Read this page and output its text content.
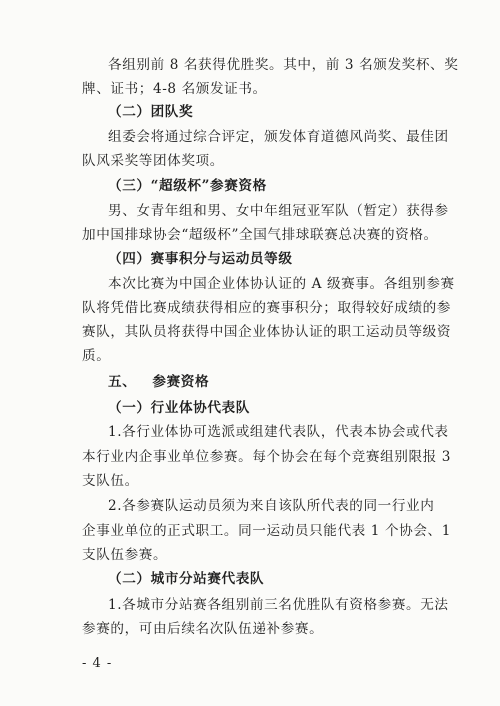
各组别前 8 名获得优胜奖。其中，前 3 名颁发奖杯、奖
牌、证书；4-8 名颁发证书。
（二）团队奖
组委会将通过综合评定，颁发体育道德风尚奖、最佳团
队风采奖等团体奖项。
（三）“超级杯”参赛资格
男、女青年组和男、女中年组冠亚军队（暂定）获得参
加中国排球协会“超级杯”全国气排球联赛总决赛的资格。
（四）赛事积分与运动员等级
本次比赛为中国企业体协认证的 A 级赛事。各组别参赛
队将凭借比赛成绩获得相应的赛事积分；取得较好成绩的参
赛队，其队员将获得中国企业体协认证的职工运动员等级资
质。
五、   参赛资格
（一）行业体协代表队
1.各行业体协可选派或组建代表队，代表本协会或代表
本行业内企事业单位参赛。每个协会在每个竞赛组别限报 3
支队伍。
2.各参赛队运动员须为来自该队所代表的同一行业内
企事业单位的正式职工。同一运动员只能代表 1 个协会、1
支队伍参赛。
（二）城市分站赛代表队
1.各城市分站赛各组别前三名优胜队有资格参赛。无法
参赛的，可由后续名次队伍递补参赛。
- 4 -
